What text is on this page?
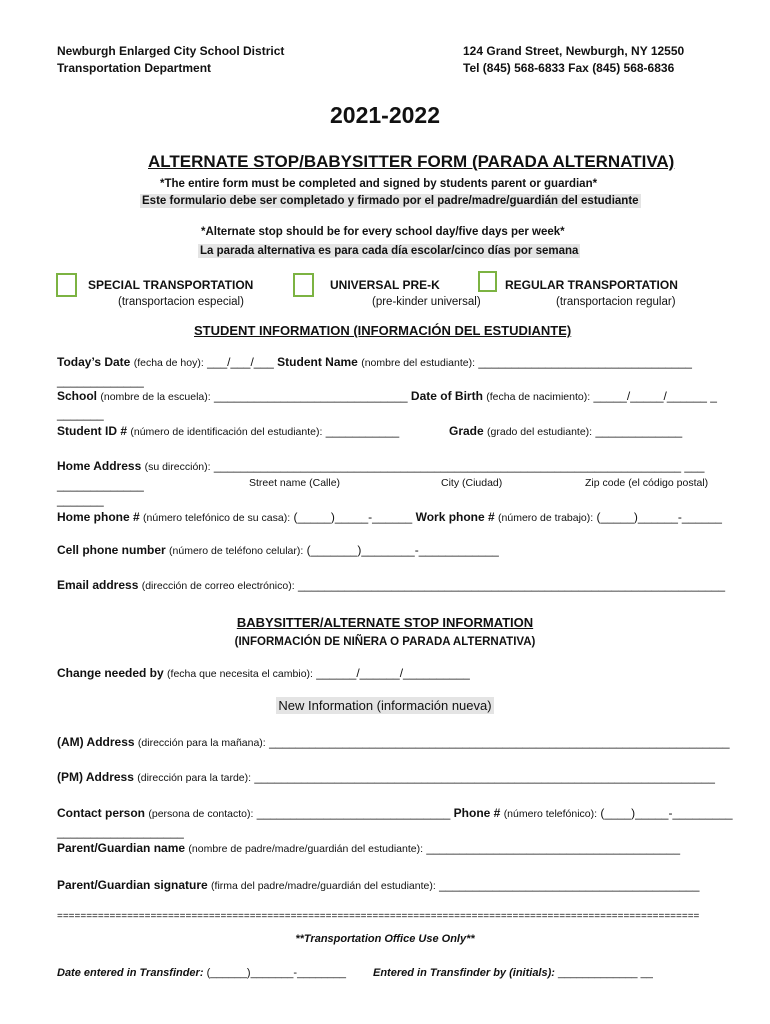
Newburgh Enlarged City School District
Transportation Department
124 Grand Street, Newburgh, NY 12550
Tel (845) 568-6833 Fax (845) 568-6836
2021-2022
ALTERNATE STOP/BABYSITTER FORM (PARADA ALTERNATIVA)
*The entire form must be completed and signed by students parent or guardian*
Este formulario debe ser completado y firmado por el padre/madre/guardián del estudiante
*Alternate stop should be for every school day/five days per week*
La parada alternativa es para cada día escolar/cinco días por semana
SPECIAL TRANSPORTATION
(transportacion especial)
UNIVERSAL PRE-K
(pre-kinder universal)
REGULAR TRANSPORTATION
(transportacion regular)
STUDENT INFORMATION (INFORMACIÓN DEL ESTUDIANTE)
Today’s Date (fecha de hoy): ___/___/___ Student Name (nombre del estudiante): ________________________________
_____________
School (nombre de la escuela): _____________________________ Date of Birth (fecha de nacimiento): _____/_____/______ _
_______
Student ID # (número de identificación del estudiante): ___________	Grade (grado del estudiante): _____________
Home Address (su dirección): ______________________________________________________________________ ___
_____________	Street name (Calle)	City (Ciudad)	Zip code (el código postal)
_______
Home phone # (número telefónico de su casa): (_____)_____-______ Work phone # (número de trabajo): (_____)______-______
Cell phone number (número de teléfono celular): (_______)________-____________
Email address (dirección de correo electrónico): ________________________________________________________________
BABYSITTER/ALTERNATE STOP INFORMATION
(INFORMACIÓN DE NIÑERA O PARADA ALTERNATIVA)
Change needed by (fecha que necesita el cambio): ______/______/__________
New Information (información nueva)
(AM) Address (dirección para la mañana): _____________________________________________________________________
(PM) Address (dirección para la tarde): _____________________________________________________________________
Contact person (persona de contacto): _____________________________ Phone # (número telefónico): (____)_____-_________
___________________
Parent/Guardian name (nombre de padre/madre/guardián del estudiante): ______________________________________
Parent/Guardian signature (firma del padre/madre/guardián del estudiante): _______________________________________
==============================================================================================================
**Transportation Office Use Only**
Date entered in Transfinder: (______)_______-________ Entered in Transfinder by (initials): _____________ __
